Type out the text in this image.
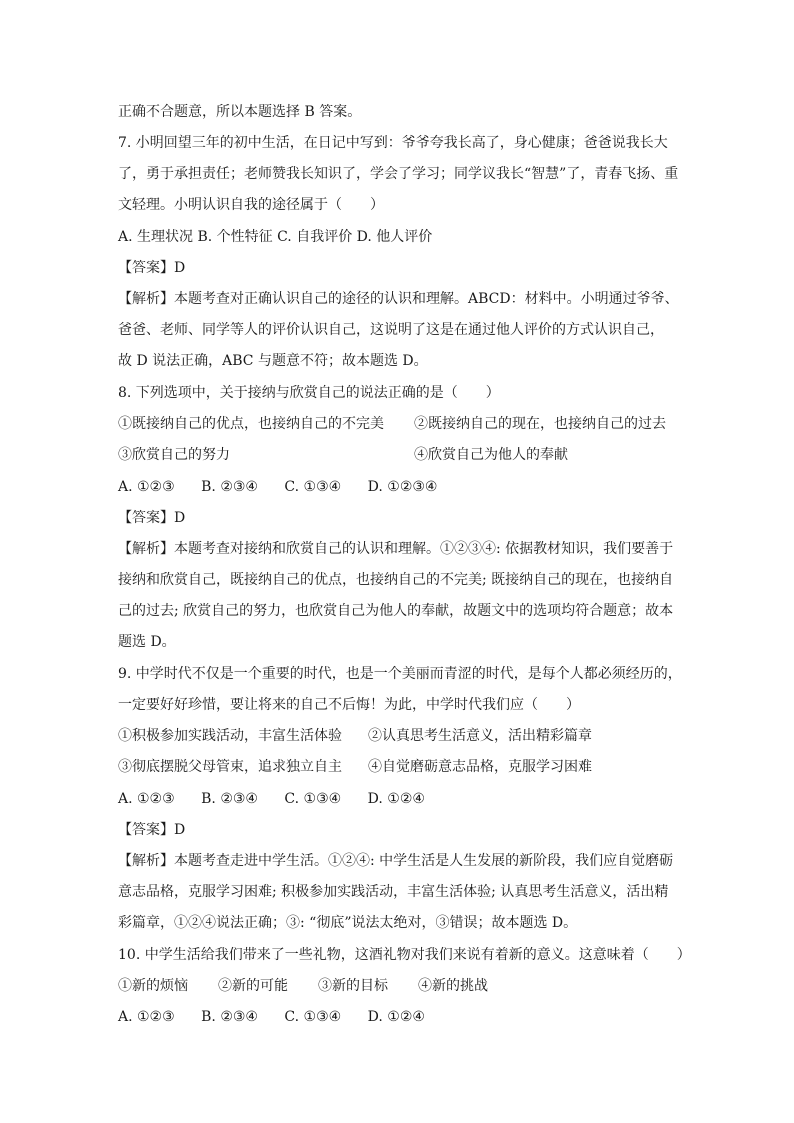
正确不合题意，所以本题选择 B 答案。
7. 小明回望三年的初中生活，在日记中写到：爷爷夸我长高了，身心健康；爸爸说我长大
了，勇于承担责任；老师赞我长知识了，学会了学习；同学议我长“智慧”了，青春飞扬、重
文轻理。小明认识自我的途径属于（　　）
A. 生理状况 B. 个性特征 C. 自我评价 D. 他人评价
【答案】D
【解析】本题考查对正确认识自己的途径的认识和理解。ABCD：材料中。小明通过爷爷、
爸爸、老师、同学等人的评价认识自己，这说明了这是在通过他人评价的方式认识自己，
故 D 说法正确，ABC 与题意不符；故本题选 D。
8. 下列选项中，关于接纳与欣赏自己的说法正确的是（　　）
①既接纳自己的优点，也接纳自己的不完美	②既接纳自己的现在，也接纳自己的过去
③欣赏自己的努力	④欣赏自己为他人的奉献
A. ①②③ B. ②③④ C. ①③④ D. ①②③④
【答案】D
【解析】本题考查对接纳和欣赏自己的认识和理解。①②③④: 依据教材知识，我们要善于
接纳和欣赏自己，既接纳自己的优点，也接纳自己的不完美; 既接纳自己的现在，也接纳自
己的过去; 欣赏自己的努力，也欣赏自己为他人的奉献，故题文中的选项均符合题意；故本
题选 D。
9. 中学时代不仅是一个重要的时代，也是一个美丽而青涩的时代，是每个人都必须经历的，
一定要好好珍惜，要让将来的自己不后悔！为此，中学时代我们应（　　）
①积极参加实践活动，丰富生活体验	②认真思考生活意义，活出精彩篇章
③彻底摆脱父母管束，追求独立自主	④自觉磨砺意志品格，克服学习困难
A. ①②③ B. ②③④ C. ①③④ D. ①②④
【答案】D
【解析】本题考查走进中学生活。①②④: 中学生活是人生发展的新阶段，我们应自觉磨砺
意志品格，克服学习困难; 积极参加实践活动，丰富生活体验; 认真思考生活意义，活出精
彩篇章，①②④说法正确；③: “彻底”说法太绝对，③错误；故本题选 D。
10. 中学生活给我们带来了一些礼物，这酒礼物对我们来说有着新的意义。这意味着（　　）
①新的烦恼	②新的可能	③新的目标	④新的挑战
A. ①②③ B. ②③④ C. ①③④ D. ①②④
